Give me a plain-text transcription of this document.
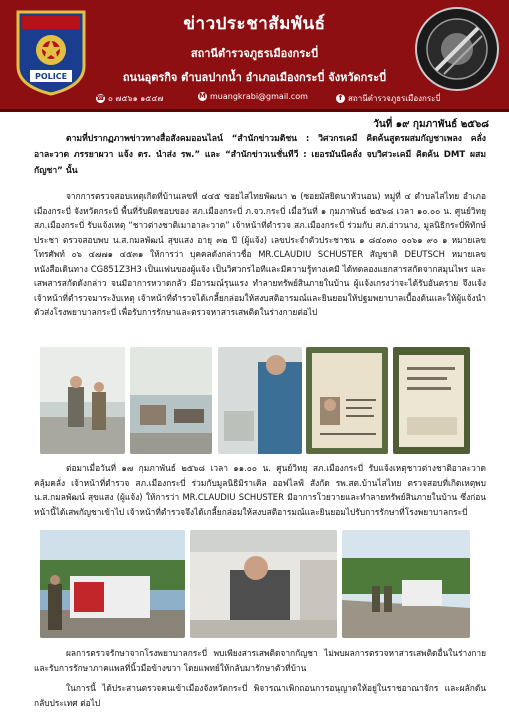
POLICE
ข่าวประชาสัมพันธ์
สถานีตำรวจภูธรเมืองกระบี่
ถนนอุตรกิจ ตำบลปากน้ำ อำเภอเมืองกระบี่ จังหวัดกระบี่
☎ ๐ ๗๕๖๑ ๑๕๔๗	M muangkrabi@gmail.com	f สถานีตำรวจภูธรเมืองกระบี่
วันที่ ๑๙ กุมภาพันธ์ ๒๕๖๘
ตามที่ปรากฏภาพข่าวทางสื่อสังคมออนไลน์ “สำนักข่าวมติชน : วิศวกรเคมี คิดค้นสูตรผสมกัญชาเพลง คลั่งอาละวาด ภรรยาผวา แจ้ง ตร. นำส่ง รพ.” และ “สำนักข่าวเนชั่นทีวี : เยอรมันนีคลั่ง จบวิศวะเคมี คิดค้น DMT ผสมกัญชา” นั้น
จากการตรวจสอบเหตุเกิดที่บ้านเลขที่ ๔๔๕ ซอยไสไทยพัฒนา ๒ (ซอยมัสยิดนาหัวนอน) หมู่ที่ ๔ ตำบลไสไทย อำเภอเมืองกระบี่ จังหวัดกระบี่ พื้นที่รับผิดชอบของ สภ.เมืองกระบี่ ภ.จว.กระบี่ เมื่อวันที่ ๑ กุมภาพันธ์ ๒๕๖๘ เวลา ๑๐.๐๐ น. ศูนย์วิทยุ สภ.เมืองกระบี่ รับแจ้งเหตุ “ชาวต่างชาติเมาอาละวาด” เจ้าหน้าที่ตำรวจ สภ.เมืองกระบี่ ร่วมกับ สภ.อ่าวนาง, มูลนิธิกระบี่พิทักษ์ประชา ตรวจสอบพบ น.ส.กมลพัฒน์ สุขแสง อายุ ๓๒ ปี (ผู้แจ้ง) เลขประจำตัวประชาชน ๑ ๘๔๐๓๐ ๐๐๖๑ ๙๐ ๑ หมายเลขโทรศัพท์ ๐๖ ๔๗๗๑ ๔๕๓๑ ให้การว่า บุคคลดังกล่าวชื่อ MR.CLAUDIU SCHUSTER สัญชาติ DEUTSCH หมายเลขหนังสือเดินทาง CG851Z3H3 เป็นแฟนของผู้แจ้ง เป็นวิศวกรไอทีและมีความรู้ทางเคมี ได้ทดลองแยกสารสกัดจากสมุนไพร และเสพสารสกัดดังกล่าว จนมีอาการหวาดกลัว มีอารมณ์รุนแรง ทำลายทรัพย์สินภายในบ้าน ผู้แจ้งเกรงว่าจะได้รับอันตราย จึงแจ้งเจ้าหน้าที่ตำรวจมาระงับเหตุ เจ้าหน้าที่ตำรวจได้เกลี้ยกล่อมให้สงบสติอารมณ์และยินยอมให้ปฐมพยาบาลเบื้องต้นและให้ผู้แจ้งนำตัวส่งโรงพยาบาลกระบี่ เพื่อรับการรักษาและตรวจหาสารเสพติดในร่างกายต่อไป
ต่อมาเมื่อวันที่ ๑๗ กุมภาพันธ์ ๒๕๖๘ เวลา ๑๑.๐๐ น. ศูนย์วิทยุ สภ.เมืองกระบี่ รับแจ้งเหตุชาวต่างชาติอาละวาด คลุ้มคลั่ง เจ้าหน้าที่ตำรวจ สภ.เมืองกระบี่ ร่วมกับมูลนิธิมิราเคิล ออฟไลฟ์ สังกัด รพ.สต.บ้านไสไทย ตรวจสอบที่เกิดเหตุพบ น.ส.กมลพัฒน์ สุขแสง (ผู้แจ้ง) ให้การว่า MR.CLAUDIU SCHUSTER มีอาการโวยวายและทำลายทรัพย์สินภายในบ้าน ซึ่งก่อนหน้านี้ได้เสพกัญชาเข้าไป เจ้าหน้าที่ตำรวจจึงได้เกลี้ยกล่อมให้สงบสติอารมณ์และยินยอมไปรับการรักษาที่โรงพยาบาลกระบี่
ผลการตรวจรักษาจากโรงพยาบาลกระบี่ พบเพียงสารเสพติดจากกัญชา ไม่พบผลการตรวจหาสารเสพติดอื่นในร่างกาย และรับการรักษาภาคแพลที่นิ้วมือข้างขวา โดยแพทย์ให้กลับมารักษาตัวที่บ้าน
ในการนี้ ได้ประสานตรวจคนเข้าเมืองจังหวัดกระบี่ พิจารณาเพิกถอนการอนุญาตให้อยู่ในราชอาณาจักร และผลักดันกลับประเทศ ต่อไป
